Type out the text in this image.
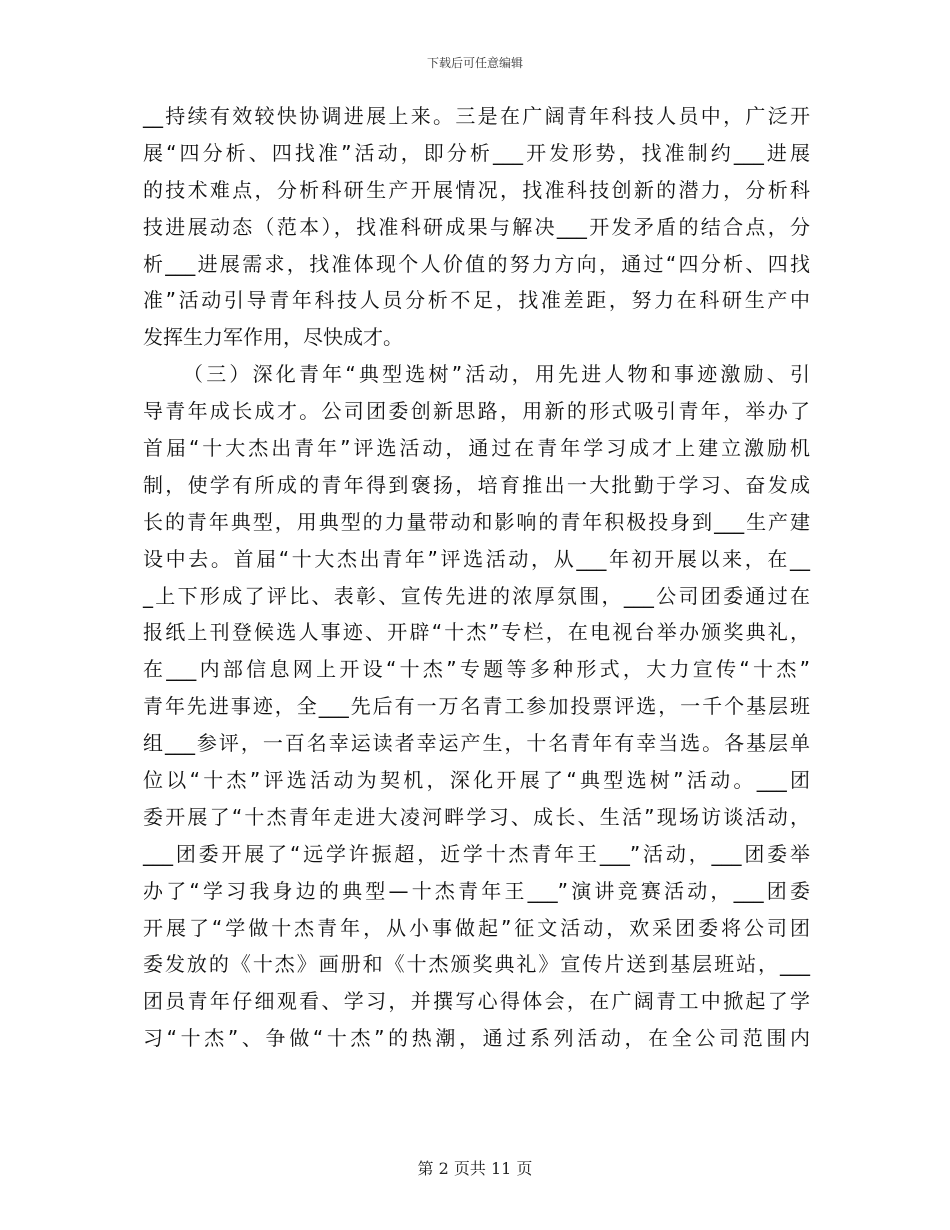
下载后可任意编辑
__持续有效较快协调进展上来。三是在广阔青年科技人员中，广泛开
展“四分析、四找准”活动，即分析___开发形势，找准制约___进展
的技术难点，分析科研生产开展情况，找准科技创新的潜力，分析科
技进展动态（范本），找准科研成果与解决___开发矛盾的结合点，分
析___进展需求，找准体现个人价值的努力方向，通过“四分析、四找
准”活动引导青年科技人员分析不足，找准差距，努力在科研生产中
发挥生力军作用，尽快成才。
（三）深化青年“典型选树”活动，用先进人物和事迹激励、引
导青年成长成才。公司团委创新思路，用新的形式吸引青年，举办了
首届“十大杰出青年”评选活动，通过在青年学习成才上建立激励机
制，使学有所成的青年得到褒扬，培育推出一大批勤于学习、奋发成
长的青年典型，用典型的力量带动和影响的青年积极投身到___生产建
设中去。首届“十大杰出青年”评选活动，从___年初开展以来，在__
_上下形成了评比、表彰、宣传先进的浓厚氛围，___公司团委通过在
报纸上刊登候选人事迹、开辟“十杰”专栏，在电视台举办颁奖典礼，
在___内部信息网上开设“十杰”专题等多种形式，大力宣传“十杰”
青年先进事迹，全___先后有一万名青工参加投票评选，一千个基层班
组___参评，一百名幸运读者幸运产生，十名青年有幸当选。各基层单
位以“十杰”评选活动为契机，深化开展了“典型选树”活动。___团
委开展了“十杰青年走进大凌河畔学习、成长、生活”现场访谈活动，
___团委开展了“远学许振超，近学十杰青年王___”活动，___团委举
办了“学习我身边的典型—十杰青年王___”演讲竞赛活动，___团委
开展了“学做十杰青年，从小事做起”征文活动，欢采团委将公司团
委发放的《十杰》画册和《十杰颁奖典礼》宣传片送到基层班站，___
团员青年仔细观看、学习，并撰写心得体会，在广阔青工中掀起了学
习“十杰”、争做“十杰”的热潮，通过系列活动，在全公司范围内
第 2 页共 11 页
